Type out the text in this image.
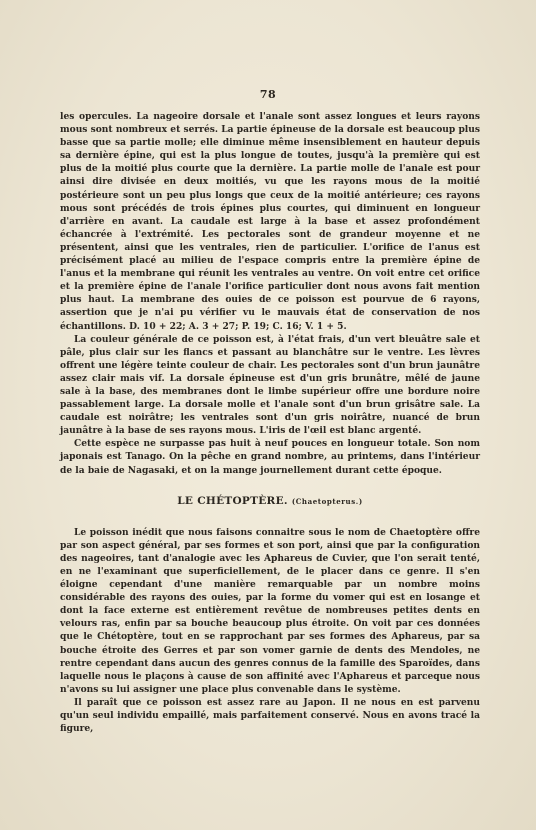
78

les opercules. La nageoire dorsale et l'anale sont assez longues et leurs rayons mous sont nombreux et serrés. La partie épineuse de la dorsale est beaucoup plus basse que sa partie molle; elle diminue même insensiblement en hauteur depuis sa dernière épine, qui est la plus longue de toutes, jusqu'à la première qui est plus de la moitié plus courte que la dernière. La partie molle de l'anale est pour ainsi dire divisée en deux moitiés, vu que les rayons mous de la moitié postérieure sont un peu plus longs que ceux de la moitié antérieure; ces rayons mous sont précédés de trois épines plus courtes, qui diminuent en longueur d'arrière en avant. La caudale est large à la base et assez profondément échancrée à l'extrémité. Les pectorales sont de grandeur moyenne et ne présentent, ainsi que les ventrales, rien de particulier. L'orifice de l'anus est précisément placé au milieu de l'espace compris entre la première épine de l'anus et la membrane qui réunit les ventrales au ventre. On voit entre cet orifice et la première épine de l'anale l'orifice particulier dont nous avons fait mention plus haut. La membrane des ouies de ce poisson est pourvue de 6 rayons, assertion que je n'ai pu vérifier vu le mauvais état de conservation de nos échantillons. D. 10 + 22; A. 3 + 27; P. 19; C. 16; V. 1 + 5.

La couleur générale de ce poisson est, à l'état frais, d'un vert bleuâtre sale et pâle, plus clair sur les flancs et passant au blanchâtre sur le ventre. Les lèvres offrent une légère teinte couleur de chair. Les pectorales sont d'un brun jaunâtre assez clair mais vif. La dorsale épineuse est d'un gris brunâtre, mêlé de jaune sale à la base, des membranes dont le limbe supérieur offre une bordure noire passablement large. La dorsale molle et l'anale sont d'un brun grisâtre sale. La caudale est noirâtre; les ventrales sont d'un gris noirâtre, nuancé de brun jaunâtre à la base de ses rayons mous. L'iris de l'œil est blanc argenté.

Cette espèce ne surpasse pas huit à neuf pouces en longueur totale. Son nom japonais est Tanago. On la pêche en grand nombre, au printems, dans l'intérieur de la baie de Nagasaki, et on la mange journellement durant cette époque.

LE CHÉTOPTÈRE. (Chaetopterus.)

Le poisson inédit que nous faisons connaitre sous le nom de Chaetoptère offre par son aspect général, par ses formes et son port, ainsi que par la configuration des nageoires, tant d'analogie avec les Aphareus de Cuvier, que l'on serait tenté, en ne l'examinant que superficiellement, de le placer dans ce genre. Il s'en éloigne cependant d'une manière remarquable par un nombre moins considérable des rayons des ouies, par la forme du vomer qui est en losange et dont la face externe est entièrement revêtue de nombreuses petites dents en velours ras, enfin par sa bouche beaucoup plus étroite. On voit par ces données que le Chétoptère, tout en se rapprochant par ses formes des Aphareus, par sa bouche étroite des Gerres et par son vomer garnie de dents des Mendoles, ne rentre cependant dans aucun des genres connus de la famille des Sparoïdes, dans laquelle nous le plaçons à cause de son affinité avec l'Aphareus et parceque nous n'avons su lui assigner une place plus convenable dans le système.

Il paraît que ce poisson est assez rare au Japon. Il ne nous en est parvenu qu'un seul individu empaillé, mais parfaitement conservé. Nous en avons tracé la figure,
